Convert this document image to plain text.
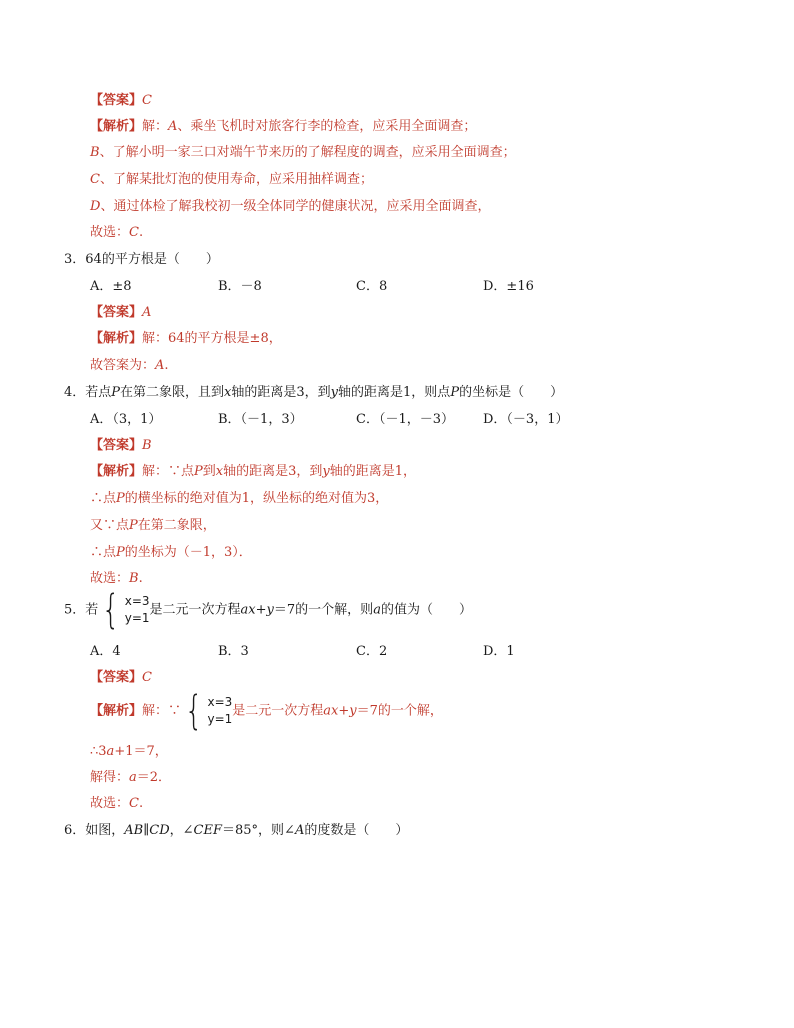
【答案】C
【解析】解：A、乘坐飞机时对旅客行李的检查，应采用全面调查；
B、了解小明一家三口对端午节来历的了解程度的调查，应采用全面调查；
C、了解某批灯泡的使用寿命，应采用抽样调查；
D、通过体检了解我校初一级全体同学的健康状况，应采用全面调查，
故选：C.
3．64的平方根是（　　）
A．±8	B．－8	C．8	D．±16
【答案】A
【解析】解：64的平方根是±8，
故答案为：A.
4．若点P在第二象限，且到x轴的距离是3，到y轴的距离是1，则点P的坐标是（　　）
A．（3，1）	B．（－1，3）	C．（－1，－3） D．（－3，1）
【答案】B
【解析】解：∵点P到x轴的距离是3，到y轴的距离是1，
∴点P的横坐标的绝对值为1，纵坐标的绝对值为3，
又∵点P在第二象限，
∴点P的坐标为（－1，3）．
故选：B.
5．若 { x=3
y=1
是二元一次方程ax+y＝7的一个解，则a的值为（　　）
A．4	B．3	C．2	D．1
【答案】C
【解析】解：∵ { x=3
y=1
是二元一次方程ax+y＝7的一个解，
∴3a+1＝7，
解得：a＝2．
故选：C.
6．如图，AB∥CD，∠CEF＝85°，则∠A的度数是（　　）
